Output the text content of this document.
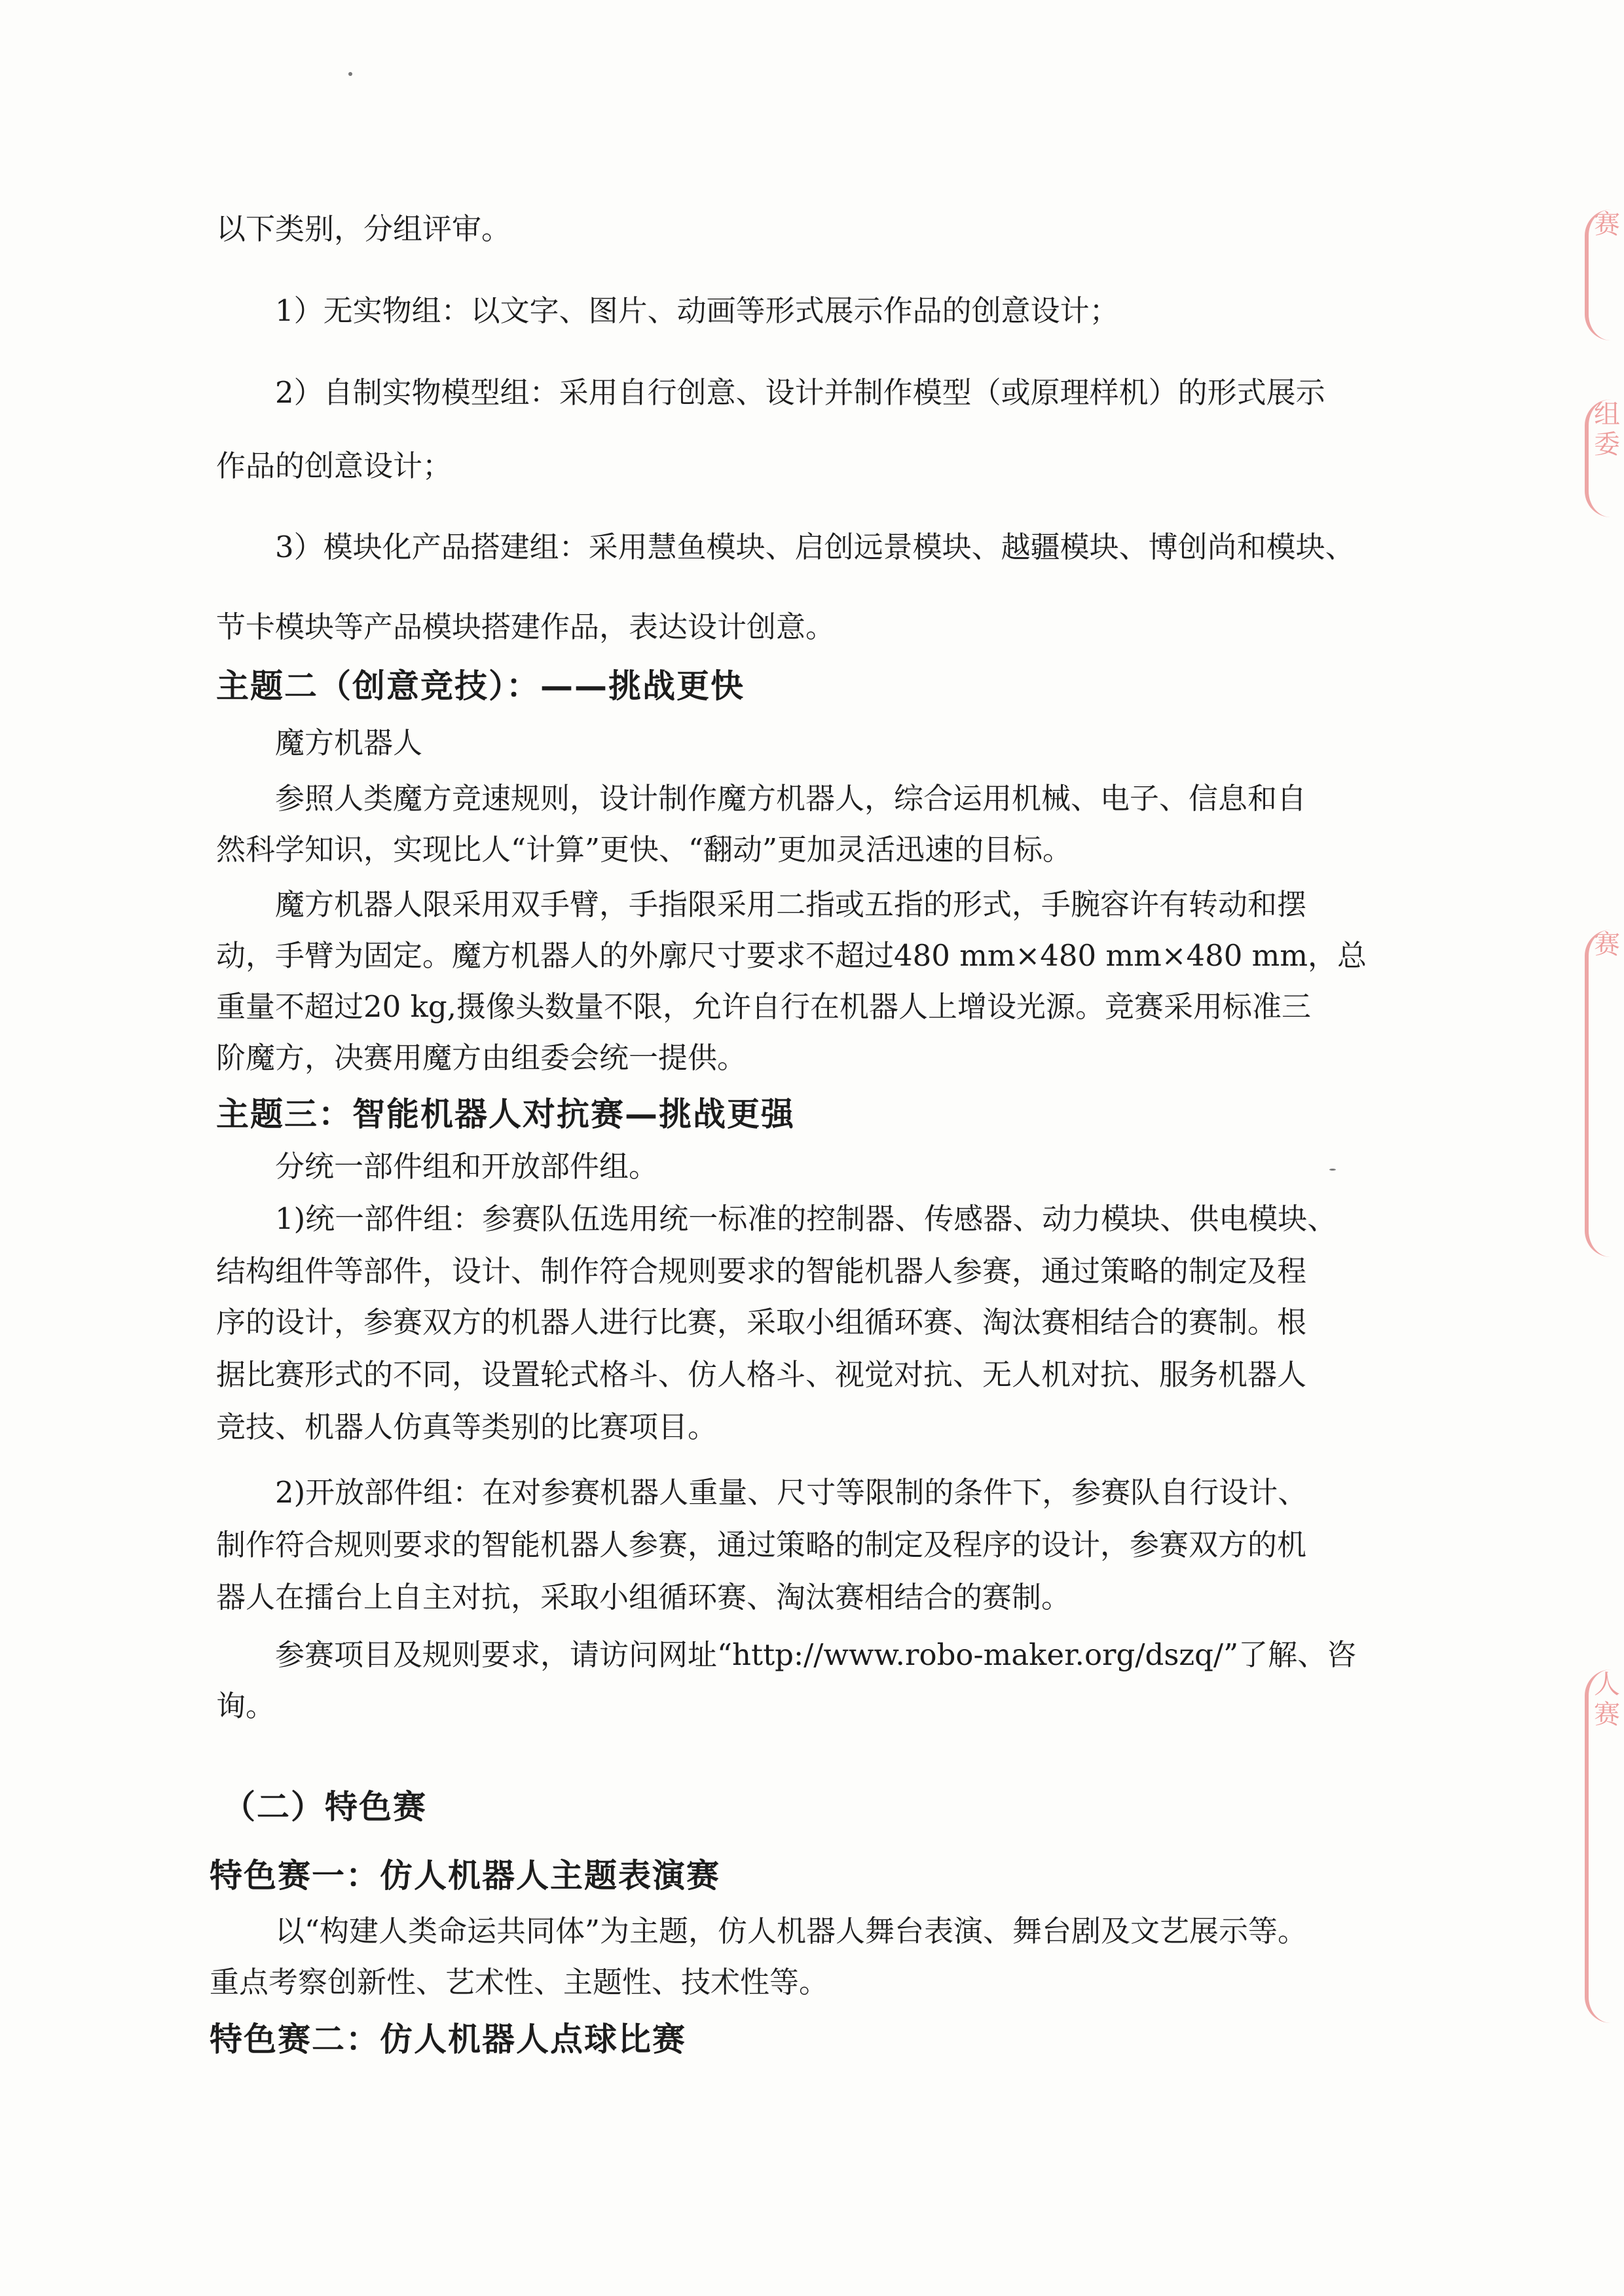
以下类别，分组评审。
1）无实物组：以文字、图片、动画等形式展示作品的创意设计；
2）自制实物模型组：采用自行创意、设计并制作模型（或原理样机）的形式展示
作品的创意设计；
3）模块化产品搭建组：采用慧鱼模块、启创远景模块、越疆模块、博创尚和模块、
节卡模块等产品模块搭建作品，表达设计创意。
主题二（创意竞技）：——挑战更快
魔方机器人
参照人类魔方竞速规则，设计制作魔方机器人，综合运用机械、电子、信息和自
然科学知识，实现比人“计算”更快、“翻动”更加灵活迅速的目标。
魔方机器人限采用双手臂，手指限采用二指或五指的形式，手腕容许有转动和摆
动，手臂为固定。魔方机器人的外廓尺寸要求不超过480 mm×480 mm×480 mm，总
重量不超过20 kg,摄像头数量不限，允许自行在机器人上增设光源。竞赛采用标准三
阶魔方，决赛用魔方由组委会统一提供。
主题三：智能机器人对抗赛—挑战更强
分统一部件组和开放部件组。
1)统一部件组：参赛队伍选用统一标准的控制器、传感器、动力模块、供电模块、
结构组件等部件，设计、制作符合规则要求的智能机器人参赛，通过策略的制定及程
序的设计，参赛双方的机器人进行比赛，采取小组循环赛、淘汰赛相结合的赛制。根
据比赛形式的不同，设置轮式格斗、仿人格斗、视觉对抗、无人机对抗、服务机器人
竞技、机器人仿真等类别的比赛项目。
2)开放部件组：在对参赛机器人重量、尺寸等限制的条件下，参赛队自行设计、
制作符合规则要求的智能机器人参赛，通过策略的制定及程序的设计，参赛双方的机
器人在擂台上自主对抗，采取小组循环赛、淘汰赛相结合的赛制。
参赛项目及规则要求，请访问网址“http://www.robo-maker.org/dszq/”了解、咨
询。
（二）特色赛
特色赛一：仿人机器人主题表演赛
以“构建人类命运共同体”为主题，仿人机器人舞台表演、舞台剧及文艺展示等。
重点考察创新性、艺术性、主题性、技术性等。
特色赛二：仿人机器人点球比赛
赛
组委
赛
人赛
